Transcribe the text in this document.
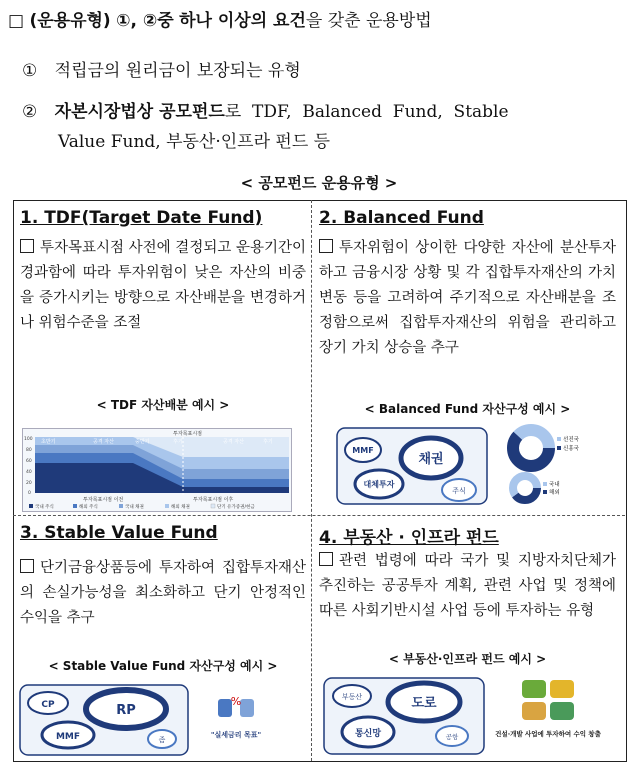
□ (운용유형) ①, ②중 하나 이상의 요건을 갖춘 운용방법
① 적립금의 원리금이 보장되는 유형
② 자본시장법상 공모펀드로  TDF,  Balanced  Fund,  Stable
Value Fund, 부동산·인프라 펀드 등
< 공모펀드 운용유형 >
1. TDF(Target Date Fund)

투자목표시점 사전에 결정되고 운용기간이 경과함에 따라 투자위험이 낮은 자산의 비중을 증가시키는 방향으로 자산배분을 변경하거나 위험수준을 조절

< TDF 자산배분 예시 >
투자목표시점
초반기	공격 자산	중반기	후기	공격 자산	후기
100
80
60
40
20
0
투자목표시점 이전	투자목표시점 이후
국내 주식	해외 주식	국내 채권	해외 채권	단기 유가증권/현금
2. Balanced Fund

투자위험이 상이한 다양한 자산에 분산투자하고 금융시장 상황 및 각 집합투자재산의 가치변동 등을 고려하여 주기적으로 자산배분을 조정함으로써 집합투자재산의 위험을 관리하고 장기 가치 상승을 추구

< Balanced Fund 자산구성 예시 >
MMF
채권
대체투자
주식
선진국
신흥국
국내
해외
3. Stable Value Fund

단기금융상품등에 투자하여 집합투자재산의 손실가능성을 최소화하고 단기 안정적인 수익을 추구

< Stable Value Fund 자산구성 예시 >
CP	RP
MMF	좀
%
"실세금리 목표"
4. 부동산 · 인프라 펀드

관련 법령에 따라 국가 및 지방자치단체가 추진하는 공공투자 계획, 관련 사업 및 정책에 따른 사회기반시설 사업 등에 투자하는 유형

< 부동산·인프라 펀드 예시 >
부동산	도로
통신망	공항	건설·개발 사업에 투자하여 수익 창출
